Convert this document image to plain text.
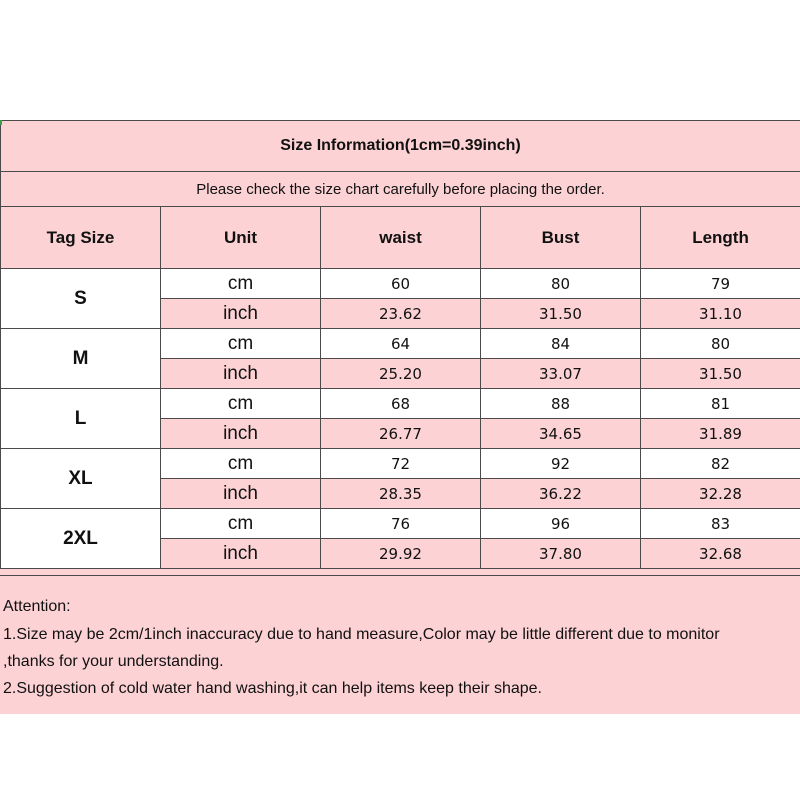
Size Information(1cm=0.39inch)				
Please check the size chart carefully before placing the order.				
Tag Size	Unit	waist	Bust	Length
S	cm	60	80	79
	inch	23.62	31.50	31.10
M	cm	64	84	80
	inch	25.20	33.07	31.50
L	cm	68	88	81
	inch	26.77	34.65	31.89
XL	cm	72	92	82
	inch	28.35	36.22	32.28
2XL	cm	76	96	83
	inch	29.92	37.80	32.68
Attention:
1.Size may be 2cm/1inch inaccuracy due to hand measure,Color may be little different due to monitor
,thanks for your understanding.
2.Suggestion of cold water hand washing,it can help items keep their shape.
